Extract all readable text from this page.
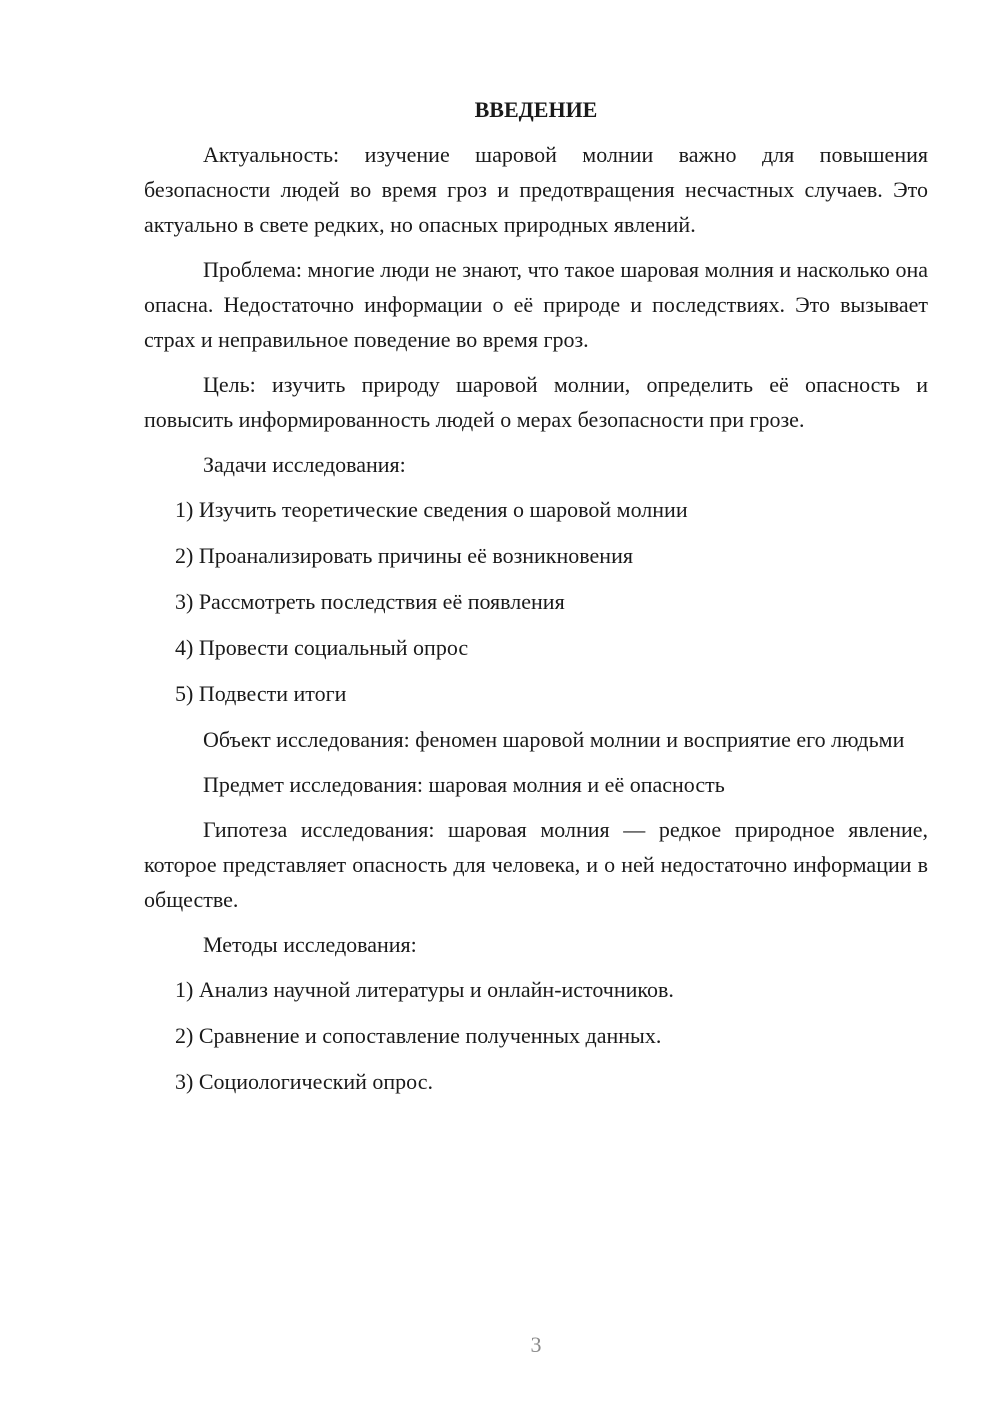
ВВЕДЕНИЕ

Актуальность: изучение шаровой молнии важно для повышения безопасности людей во время гроз и предотвращения несчастных случаев. Это актуально в свете редких, но опасных природных явлений.

Проблема: многие люди не знают, что такое шаровая молния и насколько она опасна. Недостаточно информации о её природе и последствиях. Это вызывает страх и неправильное поведение во время гроз.

Цель: изучить природу шаровой молнии, определить её опасность и повысить информированность людей о мерах безопасности при грозе.

Задачи исследования:

1) Изучить теоретические сведения о шаровой молнии
2) Проанализировать причины её возникновения
3) Рассмотреть последствия её появления
4) Провести социальный опрос
5) Подвести итоги

Объект исследования: феномен шаровой молнии и восприятие его людьми

Предмет исследования: шаровая молния и её опасность

Гипотеза исследования: шаровая молния — редкое природное явление, которое представляет опасность для человека, и о ней недостаточно информации в обществе.

Методы исследования:

1) Анализ научной литературы и онлайн-источников.
2) Сравнение и сопоставление полученных данных.
3) Социологический опрос.
3
